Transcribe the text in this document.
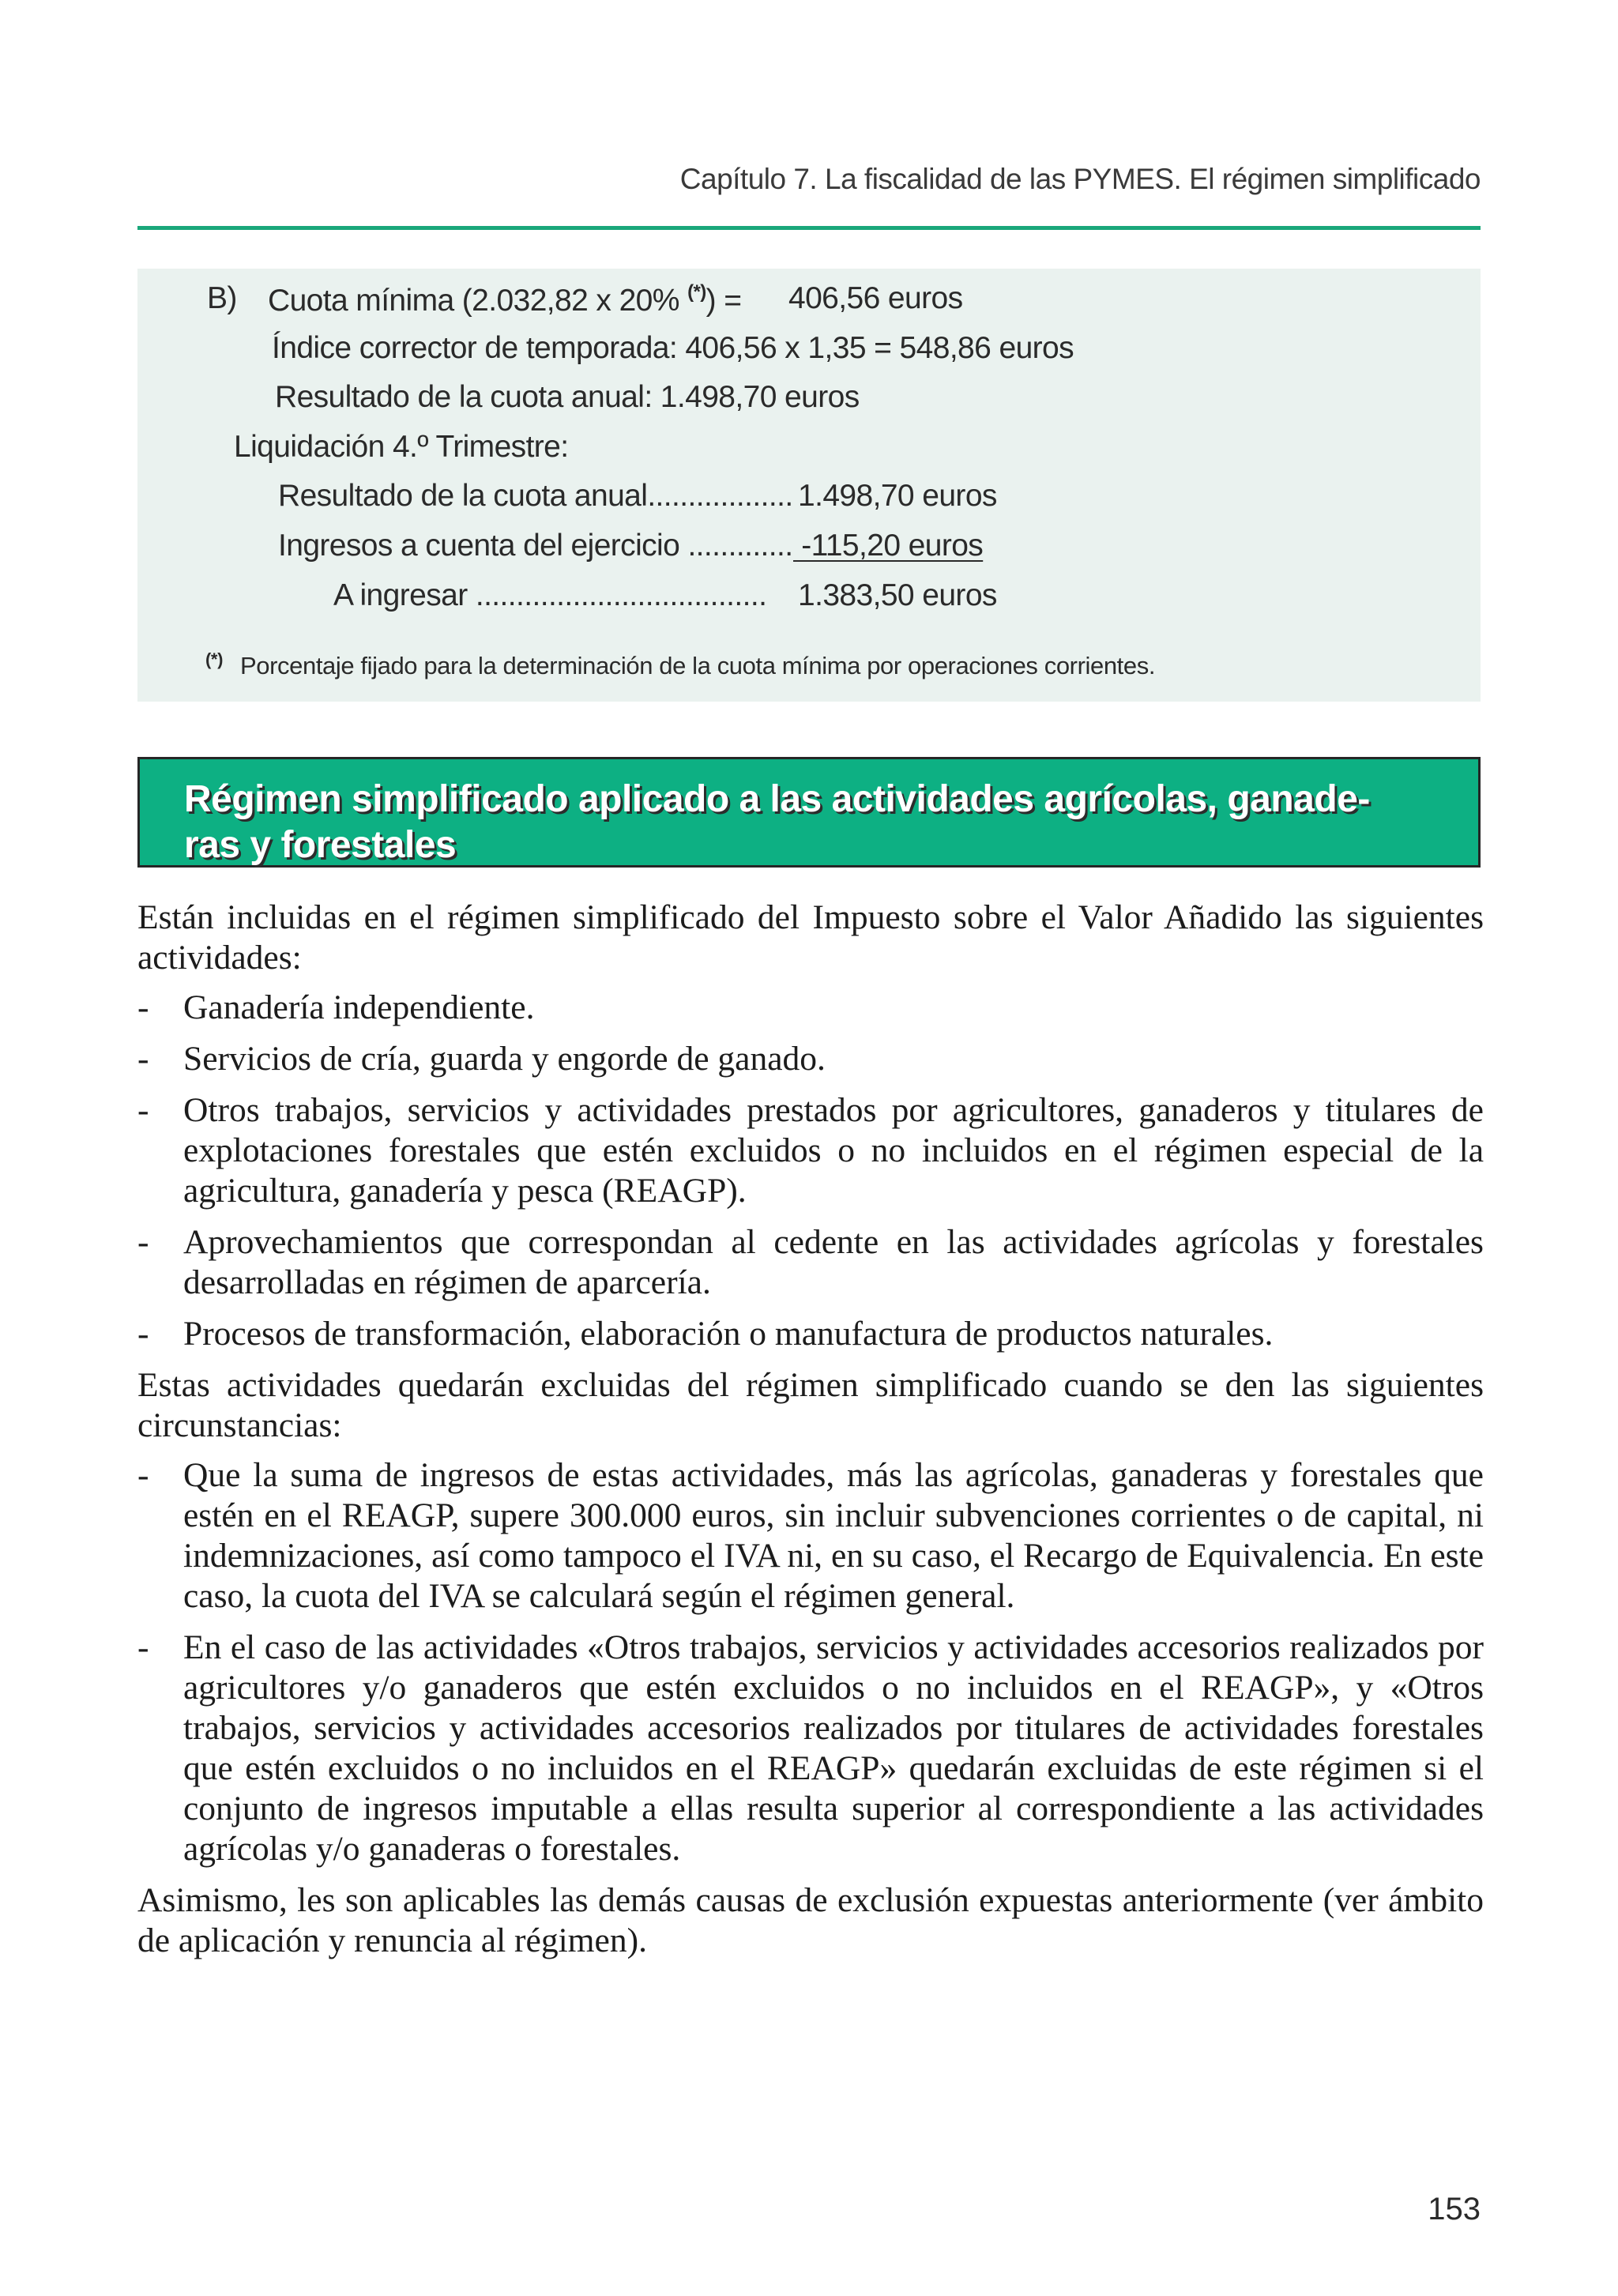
Capítulo 7. La fiscalidad de las PYMES. El régimen simplificado
B) Cuota mínima (2.032,82 x 20% (*)) = 406,56 euros
Índice corrector de temporada: 406,56 x 1,35 = 548,86 euros
Resultado de la cuota anual: 1.498,70 euros
Liquidación 4.º Trimestre:
Resultado de la cuota anual.................. 1.498,70 euros
Ingresos a cuenta del ejercicio ............. -115,20 euros
A ingresar .................................... 1.383,50 euros
(*) Porcentaje fijado para la determinación de la cuota mínima por operaciones corrientes.
Régimen simplificado aplicado a las actividades agrícolas, ganade-
ras y forestales

Están incluidas en el régimen simplificado del Impuesto sobre el Valor Añadido las siguientes actividades:

- Ganadería independiente.
- Servicios de cría, guarda y engorde de ganado.
- Otros trabajos, servicios y actividades prestados por agricultores, ganaderos y titulares de explotaciones forestales que estén excluidos o no incluidos en el régimen especial de la agricultura, ganadería y pesca (REAGP).
- Aprovechamientos que correspondan al cedente en las actividades agrícolas y forestales desarrolladas en régimen de aparcería.
- Procesos de transformación, elaboración o manufactura de productos naturales.

Estas actividades quedarán excluidas del régimen simplificado cuando se den las siguientes circunstancias:

- Que la suma de ingresos de estas actividades, más las agrícolas, ganaderas y forestales que estén en el REAGP, supere 300.000 euros, sin incluir subvenciones corrientes o de capital, ni indemnizaciones, así como tampoco el IVA ni, en su caso, el Recargo de Equivalencia. En este caso, la cuota del IVA se calculará según el régimen general.
- En el caso de las actividades «Otros trabajos, servicios y actividades accesorios realizados por agricultores y/o ganaderos que estén excluidos o no incluidos en el REAGP», y «Otros trabajos, servicios y actividades accesorios realizados por titulares de actividades forestales que estén excluidos o no incluidos en el REAGP» quedarán excluidas de este régimen si el conjunto de ingresos imputable a ellas resulta superior al correspondiente a las actividades agrícolas y/o ganaderas o forestales.

Asimismo, les son aplicables las demás causas de exclusión expuestas anteriormente (ver ámbito de aplicación y renuncia al régimen).

153
